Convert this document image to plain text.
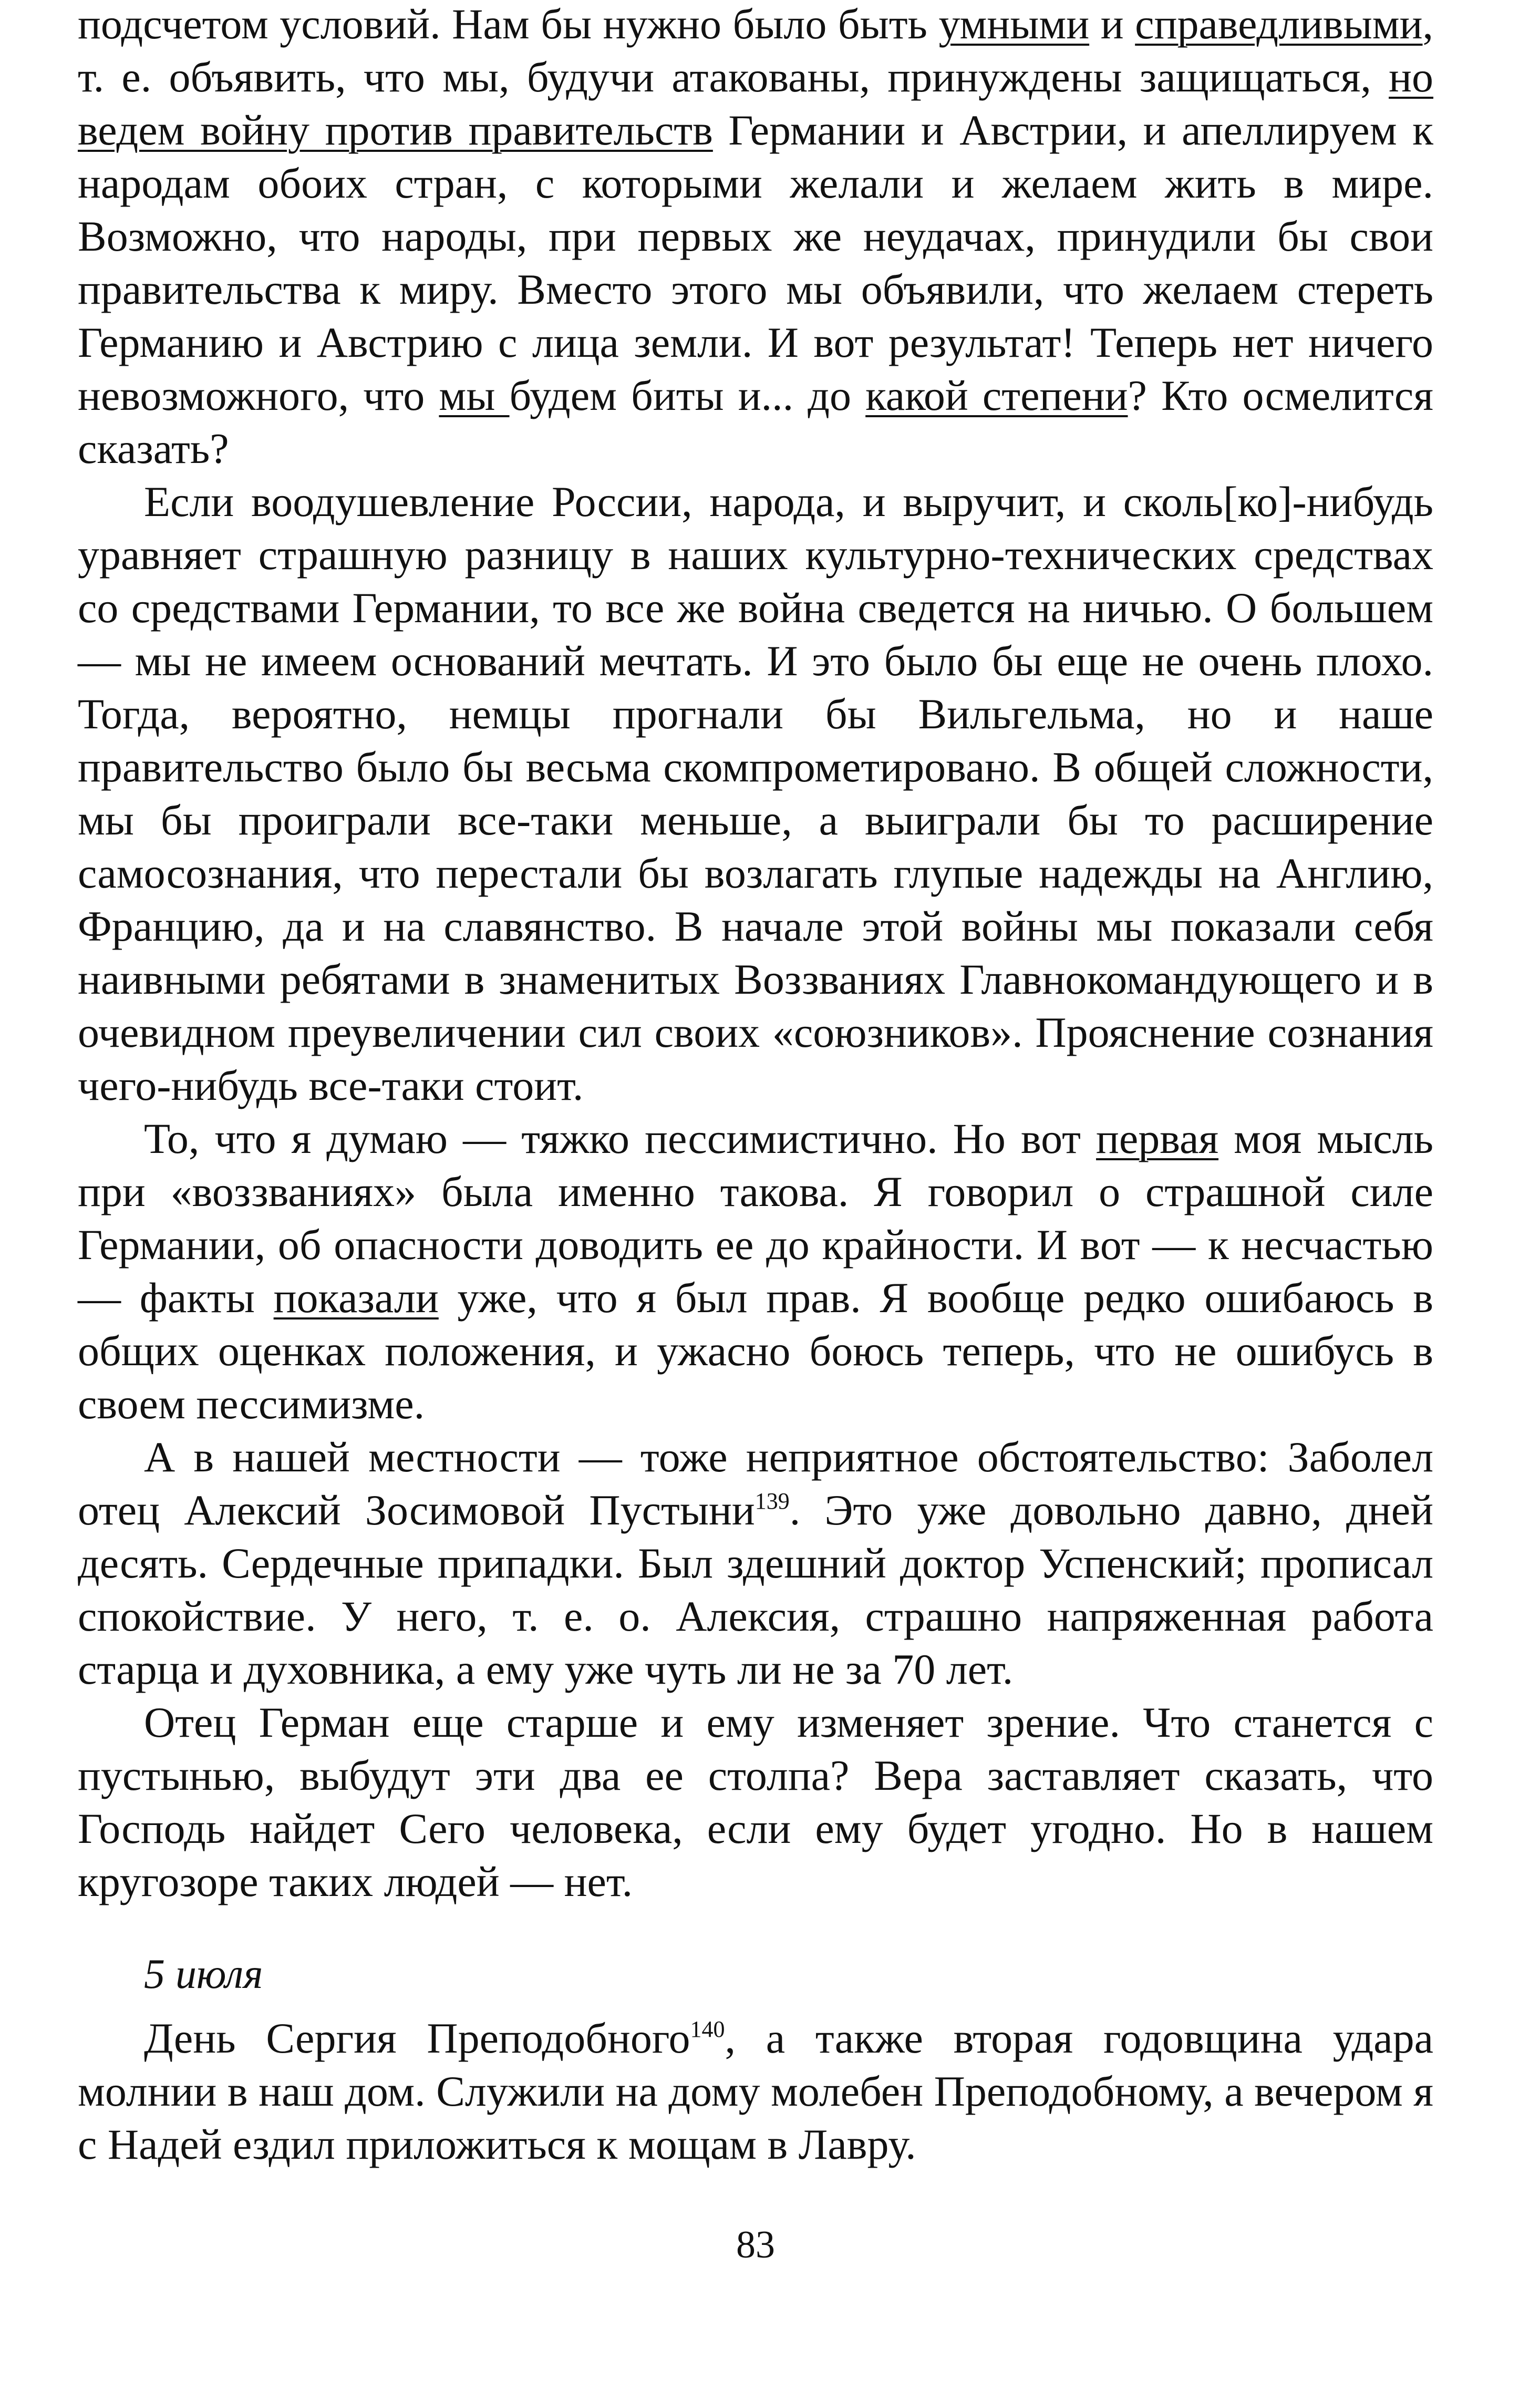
подсчетом условий. Нам бы нужно было быть умными и справедливыми, т. е. объявить, что мы, будучи атакованы, принуждены защищаться, но ведем войну против правительств Германии и Австрии, и апеллируем к народам обоих стран, с которыми желали и желаем жить в мире. Возможно, что народы, при первых же неудачах, принудили бы свои правительства к миру. Вместо этого мы объявили, что желаем стереть Германию и Австрию с лица земли. И вот результат! Теперь нет ничего невозможного, что мы будем биты и... до какой степени? Кто осмелится сказать?

Если воодушевление России, народа, и выручит, и сколь[ко]-нибудь уравняет страшную разницу в наших культурно-технических средствах со средствами Германии, то все же война сведется на ничью. О большем — мы не имеем оснований мечтать. И это было бы еще не очень плохо. Тогда, вероятно, немцы прогнали бы Вильгельма, но и наше правительство было бы весьма скомпрометировано. В общей сложности, мы бы проиграли все-таки меньше, а выиграли бы то расширение самосознания, что перестали бы возлагать глупые надежды на Англию, Францию, да и на славянство. В начале этой войны мы показали себя наивными ребятами в знаменитых Воззваниях Главнокомандующего и в очевидном преувеличении сил своих «союзников». Прояснение сознания чего-нибудь все-таки стоит.

То, что я думаю — тяжко пессимистично. Но вот первая моя мысль при «воззваниях» была именно такова. Я говорил о страшной силе Германии, об опасности доводить ее до крайности. И вот — к несчастью — факты показали уже, что я был прав. Я вообще редко ошибаюсь в общих оценках положения, и ужасно боюсь теперь, что не ошибусь в своем пессимизме.

А в нашей местности — тоже неприятное обстоятельство: Заболел отец Алексий Зосимовой Пустыни$^{139}$. Это уже довольно давно, дней десять. Сердечные припадки. Был здешний доктор Успенский; прописал спокойствие. У него, т. е. о. Алексия, страшно напряженная работа старца и духовника, а ему уже чуть ли не за 70 лет.

Отец Герман еще старше и ему изменяет зрение. Что станется с пустынью, выбудут эти два ее столпа? Вера заставляет сказать, что Господь найдет Сего человека, если ему будет угодно. Но в нашем кругозоре таких людей — нет.

5 июля

День Сергия Преподобного$^{140}$, а также вторая годовщина удара молнии в наш дом. Служили на дому молебен Преподобному, а вечером я с Надей ездил приложиться к мощам в Лавру.

83
